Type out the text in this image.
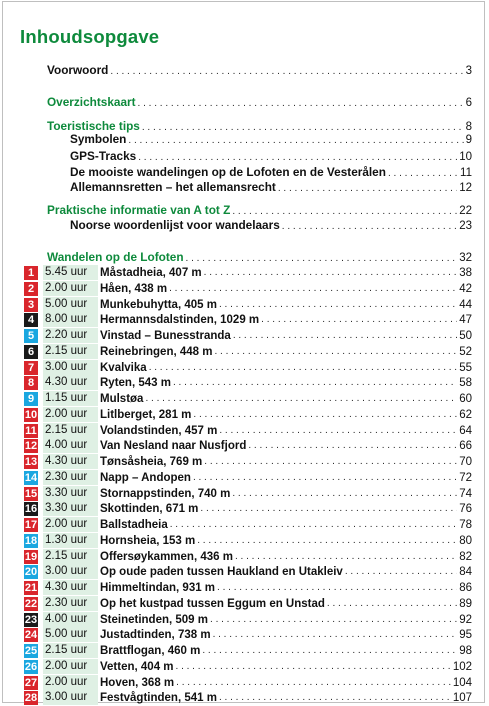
Inhoudsopgave
Voorwoord . . .	3
Overzichtskaart . . .	6
Toeristische tips . . .	8
Symbolen . . .	9
GPS-Tracks . . .	10
De mooiste wandelingen op de Lofoten en de Vesterålen . . .	11
Allemannsretten – het allemansrecht . . .	12
Praktische informatie van A tot Z . . .	22
Noorse woordenlijst voor wandelaars . . .	23
Wandelen op de Lofoten . . .	32
1 5.45 uur	Måstadheia, 407 m . . .	38
2 2.00 uur	Håen, 438 m . . .	42
3 5.00 uur	Munkebuhytta, 405 m . . .	44
4 8.00 uur	Hermannsdalstinden, 1029 m . . .	47
5 2.20 uur	Vinstad – Bunesstranda . . .	50
6 2.15 uur	Reinebringen, 448 m . . .	52
7 3.00 uur	Kvalvika . . .	55
8 4.30 uur	Ryten, 543 m . . .	58
9 1.15 uur	Mulstøa . . .	60
10 2.00 uur	Litlberget, 281 m . . .	62
11 2.15 uur	Volandstinden, 457 m . . .	64
12 4.00 uur	Van Nesland naar Nusfjord . . .	66
13 4.30 uur	Tønsåsheia, 769 m . . .	70
14 2.30 uur	Napp – Andopen . . .	72
15 3.30 uur	Stornappstinden, 740 m . . .	74
16 3.30 uur	Skottinden, 671 m . . .	76
17 2.00 uur	Ballstadheia . . .	78
18 1.30 uur	Hornsheia, 153 m . . .	80
19 2.15 uur	Offersøykammen, 436 m . . .	82
20 3.00 uur	Op oude paden tussen Haukland en Utakleiv . . .	84
21 4.30 uur	Himmeltindan, 931 m . . .	86
22 2.30 uur	Op het kustpad tussen Eggum en Unstad . . .	89
23 4.00 uur	Steinetinden, 509 m . . .	92
24 5.00 uur	Justadtinden, 738 m . . .	95
25 2.15 uur	Brattflogan, 460 m . . .	98
26 2.00 uur	Vetten, 404 m . . .	102
27 2.00 uur	Hoven, 368 m . . .	104
28 3.00 uur	Festvågtinden, 541 m . . .	107
